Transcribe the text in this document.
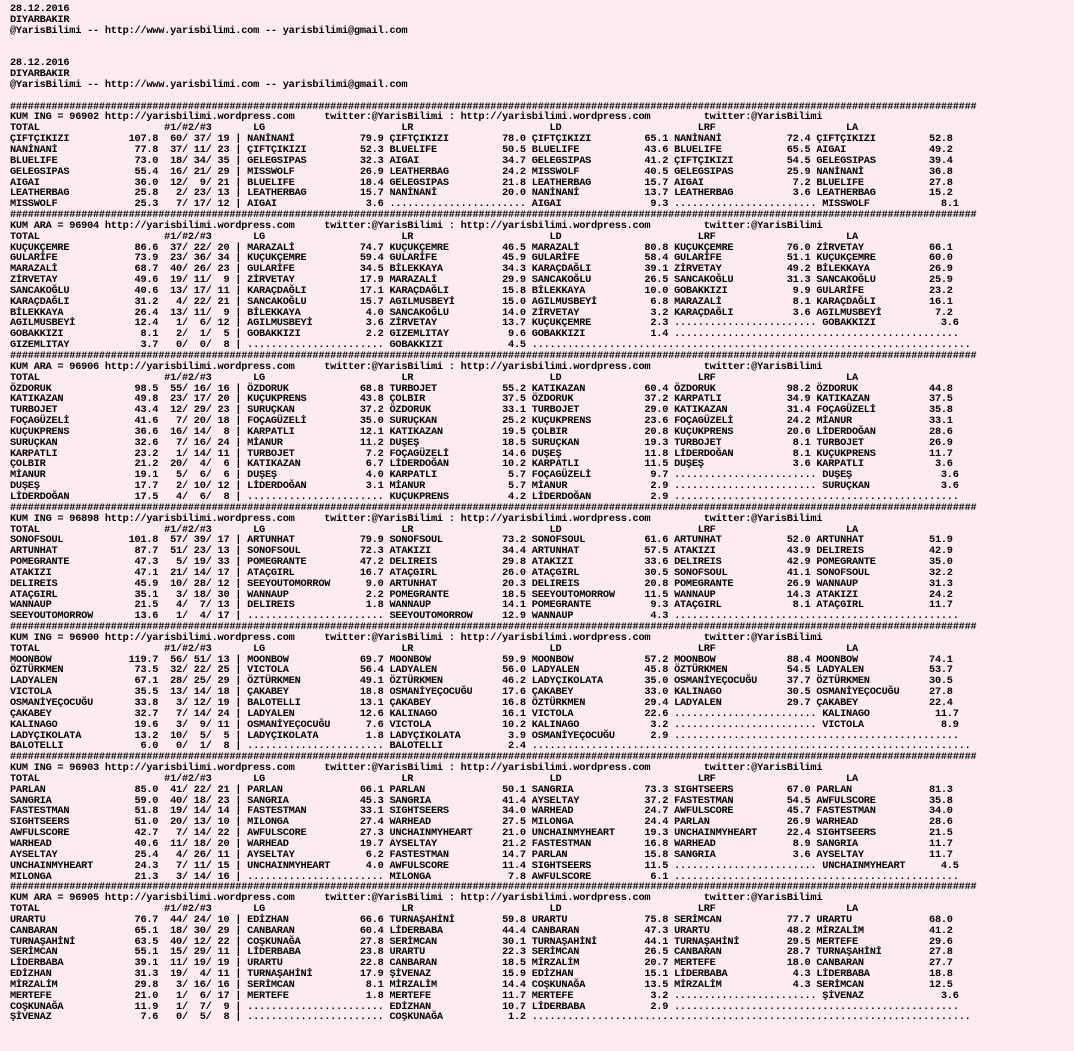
28.12.2016
DIYARBAKIR
@YarisBilimi -- http://www.yarisbilimi.com -- yarisbilimi@gmail.com

28.12.2016
DIYARBAKIR
@YarisBilimi -- http://www.yarisbilimi.com -- yarisbilimi@gmail.com

###################################################################################################################################################################
KUM ING = 96902 http://yarisbilimi.wordpress.com     twitter:@YarisBilimi : http://yarisbilimi.wordpress.com         twitter:@YarisBilimi
TOTAL                     #1/#2/#3       LG                       LR                       LD                       LRF                      LA
ÇIFTÇIKIZI          107.8  60/ 37/ 19 | NANİNANİ           79.9 ÇIFTÇIKIZI         78.0 ÇIFTÇIKIZI         65.1 NANİNANİ           72.4 ÇIFTÇIKIZI         52.8
NANİNANİ             77.8  37/ 11/ 23 | ÇIFTÇIKIZI         52.3 BLUELIFE           50.5 BLUELIFE           43.6 BLUELIFE           65.5 AIGAI              49.2
BLUELIFE             73.0  18/ 34/ 35 | GELEGSIPAS         32.3 AIGAI              34.7 GELEGSIPAS         41.2 ÇIFTÇIKIZI         54.5 GELEGSIPAS         39.4
GELEGSIPAS           55.4  16/ 21/ 29 | MISSWOLF           26.9 LEATHERBAG         24.2 MISSWOLF           40.5 GELEGSIPAS         25.9 NANİNANİ           36.8
AIGAI                36.0  12/  9/ 21 | BLUELIFE           18.4 GELEGSIPAS         21.8 LEATHERBAG         15.7 AIGAI               7.2 BLUELIFE           27.8
LEATHERBAG           25.8   2/ 23/ 13 | LEATHERBAG         15.7 NANİNANİ           20.0 NANİNANİ           13.7 LEATHERBAG          3.6 LEATHERBAG         15.2
MISSWOLF             25.3   7/ 17/ 12 | AIGAI               3.6 ....................... AIGAI               9.3 ........................ MISSWOLF            8.1
###################################################################################################################################################################
KUM ARA = 96904 http://yarisbilimi.wordpress.com     twitter:@YarisBilimi : http://yarisbilimi.wordpress.com         twitter:@YarisBilimi
TOTAL                     #1/#2/#3       LG                       LR                       LD                       LRF                      LA
KUÇUKÇEMRE           86.6  37/ 22/ 20 | MARAZALİ           74.7 KUÇUKÇEMRE         46.5 MARAZALİ           80.8 KUÇUKÇEMRE         76.0 ZİRVETAY           66.1
GULARİFE             73.9  23/ 36/ 34 | KUÇUKÇEMRE         59.4 GULARİFE           45.9 GULARİFE           58.4 GULARİFE           51.1 KUÇUKÇEMRE         60.0
MARAZALİ             68.7  40/ 26/ 23 | GULARİFE           34.5 BİLEKKAYA          34.3 KARAÇDAĞLI         39.1 ZİRVETAY           49.2 BİLEKKAYA          26.9
ZİRVETAY             49.6  19/ 11/  9 | ZİRVETAY           17.9 MARAZALİ           29.9 SANCAKOĞLU         26.5 SANCAKOĞLU         31.3 SANCAKOĞLU         25.9
SANCAKOĞLU           40.6  13/ 17/ 11 | KARAÇDAĞLI         17.1 KARAÇDAĞLI         15.8 BİLEKKAYA          10.0 GOBAKKIZI           9.9 GULARİFE           23.2
KARAÇDAĞLI           31.2   4/ 22/ 21 | SANCAKOĞLU         15.7 AGILMUSBEYİ        15.0 AGILMUSBEYİ         6.8 MARAZALİ            8.1 KARAÇDAĞLI         16.1
BİLEKKAYA            26.4  13/ 11/  9 | BİLEKKAYA           4.0 SANCAKOĞLU         14.0 ZİRVETAY            3.2 KARAÇDAĞLI          3.6 AGILMUSBEYİ         7.2
AGILMUSBEYİ          12.4   1/  6/ 12 | AGILMUSBEYİ         3.6 ZİRVETAY           13.7 KUÇUKÇEMRE          2.3 ........................ GOBAKKIZI           3.6
GOBAKKIZI             8.1   2/  1/  5 | GOBAKKIZI           2.2 GIZEMLITAY          9.6 GOBAKKIZI           1.4 ................................................
GIZEMLITAY            3.7   0/  0/  8 | ....................... GOBAKKIZI           4.5 ..........................................................................
###################################################################################################################################################################
KUM ARA = 96906 http://yarisbilimi.wordpress.com     twitter:@YarisBilimi : http://yarisbilimi.wordpress.com         twitter:@YarisBilimi
TOTAL                     #1/#2/#3       LG                       LR                       LD                       LRF                      LA
ÖZDORUK              98.5  55/ 16/ 16 | ÖZDORUK            68.8 TURBOJET           55.2 KATIKAZAN          60.4 ÖZDORUK            98.2 ÖZDORUK            44.8
KATIKAZAN            49.8  23/ 17/ 20 | KUÇUKPRENS         43.8 ÇOLBIR             37.5 ÖZDORUK            37.2 KARPATLI           34.9 KATIKAZAN          37.5
TURBOJET             43.4  12/ 29/ 23 | SURUÇKAN           37.2 ÖZDORUK            33.1 TURBOJET           29.0 KATIKAZAN          31.4 FOÇAGÜZELİ         35.8
FOÇAGÜZELİ           41.6   7/ 20/ 18 | FOÇAGÜZELİ         35.0 SURUÇKAN           25.2 KUÇUKPRENS         23.6 FOÇAGÜZELİ         24.2 MİANUR             33.1
KUÇUKPRENS           36.6  16/ 14/  8 | KARPATLI           12.1 KATIKAZAN          19.5 ÇOLBIR             20.8 KUÇUKPRENS         20.6 LİDERDOĞAN         28.6
SURUÇKAN             32.6   7/ 16/ 24 | MİANUR             11.2 DUŞEŞ              18.5 SURUÇKAN           19.3 TURBOJET            8.1 TURBOJET           26.9
KARPATLI             23.2   1/ 14/ 11 | TURBOJET            7.2 FOÇAGÜZELİ         14.6 DUŞEŞ              11.8 LİDERDOĞAN          8.1 KUÇUKPRENS         11.7
ÇOLBIR               21.2  20/  4/  6 | KATIKAZAN           6.7 LİDERDOĞAN         10.2 KARPATLI           11.5 DUŞEŞ               3.6 KARPATLI            3.6
MİANUR               19.1   5/  6/  6 | DUŞEŞ               4.0 KARPATLI            5.7 FOÇAGÜZELİ          9.7 ........................ DUŞEŞ               3.6
DUŞEŞ                17.7   2/ 10/ 12 | LİDERDOĞAN          3.1 MİANUR              5.7 MİANUR              2.9 ........................ SURUÇKAN            3.6
LİDERDOĞAN           17.5   4/  6/  8 | ....................... KUÇUKPRENS          4.2 LİDERDOĞAN          2.9 ................................................
###################################################################################################################################################################
KUM ING = 96898 http://yarisbilimi.wordpress.com     twitter:@YarisBilimi : http://yarisbilimi.wordpress.com         twitter:@YarisBilimi
TOTAL                     #1/#2/#3       LG                       LR                       LD                       LRF                      LA
SONOFSOUL           101.8  57/ 39/ 17 | ARTUNHAT           79.9 SONOFSOUL          73.2 SONOFSOUL          61.6 ARTUNHAT           52.0 ARTUNHAT           51.9
ARTUNHAT             87.7  51/ 23/ 13 | SONOFSOUL          72.3 ATAKIZI            34.4 ARTUNHAT           57.5 ATAKIZI            43.9 DELIREIS           42.9
POMEGRANTE           47.3   5/ 19/ 33 | POMEGRANTE         47.2 DELIREIS           29.8 ATAKIZI            33.6 DELIREIS           42.9 POMEGRANTE         35.0
ATAKIZI              47.1  21/ 14/ 17 | ATAÇGIRL           16.7 ATAÇGIRL           26.0 ATAÇGIRL           30.5 SONOFSOUL          41.1 SONOFSOUL          32.2
DELIREIS             45.9  10/ 28/ 12 | SEEYOUTOMORROW      9.0 ARTUNHAT           20.3 DELIREIS           20.8 POMEGRANTE         26.9 WANNAUP            31.3
ATAÇGIRL             35.1   3/ 18/ 30 | WANNAUP             2.2 POMEGRANTE         18.5 SEEYOUTOMORROW     11.5 WANNAUP            14.3 ATAKIZI            24.2
WANNAUP              21.5   4/  7/ 13 | DELIREIS            1.8 WANNAUP            14.1 POMEGRANTE          9.3 ATAÇGIRL            8.1 ATAÇGIRL           11.7
SEEYOUTOMORROW       13.6   1/  4/ 17 | ....................... SEEYOUTOMORROW     12.9 WANNAUP             4.3 ................................................
###################################################################################################################################################################
KUM ING = 96900 http://yarisbilimi.wordpress.com     twitter:@YarisBilimi : http://yarisbilimi.wordpress.com         twitter:@YarisBilimi
TOTAL                     #1/#2/#3       LG                       LR                       LD                       LRF                      LA
MOONBOW             119.7  56/ 51/ 13 | MOONBOW            69.7 MOONBOW            59.9 MOONBOW            57.2 MOONBOW            88.4 MOONBOW            74.1
ÖZTÜRKMEN            73.5  32/ 22/ 25 | VICTOLA            56.4 LADYALEN           56.0 LADYALEN           45.8 ÖZTÜRKMEN          54.5 LADYALEN           53.7
LADYALEN             67.1  28/ 25/ 29 | ÖZTÜRKMEN          49.1 ÖZTÜRKMEN          46.2 LADYÇIKOLATA       35.0 OSMANİYEÇOCUĞU     37.7 ÖZTÜRKMEN          30.5
VICTOLA              35.5  13/ 14/ 18 | ÇAKABEY            18.8 OSMANİYEÇOCUĞU     17.6 ÇAKABEY            33.0 KALINAGO           30.5 OSMANİYEÇOCUĞU     27.8
OSMANİYEÇOCUĞU       33.8   3/ 12/ 19 | BALOTELLI          13.1 ÇAKABEY            16.8 ÖZTÜRKMEN          29.4 LADYALEN           29.7 ÇAKABEY            22.4
ÇAKABEY              32.7   7/ 14/ 24 | LADYALEN           12.6 KALINAGO           16.1 VICTOLA            22.6 ........................ KALINAGO           11.7
KALINAGO             19.6   3/  9/ 11 | OSMANİYEÇOCUĞU      7.6 VICTOLA            10.2 KALINAGO            3.2 ........................ VICTOLA             8.9
LADYÇIKOLATA         13.2  10/  5/  5 | LADYÇIKOLATA        1.8 LADYÇIKOLATA        3.9 OSMANİYEÇOCUĞU      2.9 ................................................
BALOTELLI             6.0   0/  1/  8 | ....................... BALOTELLI           2.4 ..........................................................................
###################################################################################################################################################################
KUM ING = 96903 http://yarisbilimi.wordpress.com     twitter:@YarisBilimi : http://yarisbilimi.wordpress.com         twitter:@YarisBilimi
TOTAL                     #1/#2/#3       LG                       LR                       LD                       LRF                      LA
PARLAN               85.0  41/ 22/ 21 | PARLAN             66.1 PARLAN             50.1 SANGRIA            73.3 SIGHTSEERS         67.0 PARLAN             81.3
SANGRIA              59.0  40/ 18/ 23 | SANGRIA            45.3 SANGRIA            41.4 AYSELTAY           37.2 FASTESTMAN         54.5 AWFULSCORE         35.8
FASTESTMAN           51.8  19/ 14/ 14 | FASTESTMAN         33.1 SIGHTSEERS         34.0 WARHEAD            24.7 AWFULSCORE         45.7 FASTESTMAN         34.0
SIGHTSEERS           51.0  20/ 13/ 10 | MILONGA            27.4 WARHEAD            27.5 MILONGA            24.4 PARLAN             26.9 WARHEAD            28.6
AWFULSCORE           42.7   7/ 14/ 22 | AWFULSCORE         27.3 UNCHAINMYHEART     21.0 UNCHAINMYHEART     19.3 UNCHAINMYHEART     22.4 SIGHTSEERS         21.5
WARHEAD              40.6  11/ 18/ 20 | WARHEAD            19.7 AYSELTAY           21.2 FASTESTMAN         16.8 WARHEAD             8.9 SANGRIA            11.7
AYSELTAY             25.4   4/ 26/ 11 | AYSELTAY            6.2 FASTESTMAN         14.7 PARLAN             15.8 SANGRIA             3.6 AYSELTAY           11.7
UNCHAINMYHEART       24.3   7/ 11/ 15 | UNCHAINMYHEART      4.0 AWFULSCORE         11.4 SIGHTSEERS         11.5 ........................ UNCHAINMYHEART      4.5
MILONGA              21.3   3/ 14/ 16 | ....................... MILONGA             7.8 AWFULSCORE          6.1 ................................................
###################################################################################################################################################################
KUM ARA = 96905 http://yarisbilimi.wordpress.com     twitter:@YarisBilimi : http://yarisbilimi.wordpress.com         twitter:@YarisBilimi
TOTAL                     #1/#2/#3       LG                       LR                       LD                       LRF                      LA
URARTU               76.7  44/ 24/ 10 | EDİZHAN            66.6 TURNAŞAHİNİ        59.8 URARTU             75.8 SERİMCAN           77.7 URARTU             68.0
CANBARAN             65.1  18/ 30/ 29 | CANBARAN           60.4 LİDERBABA          44.4 CANBARAN           47.3 URARTU             48.2 MİRZALİM           41.2
TURNAŞAHİNİ          63.5  40/ 12/ 22 | COŞKUNAĞA          27.8 SERİMCAN           30.1 TURNAŞAHİNİ        44.1 TURNAŞAHİNİ        29.5 MERTEFE            29.6
SERİMCAN             55.1  15/ 29/ 11 | LİDERBABA          23.8 URARTU             22.3 SERİMCAN           26.5 CANBARAN           28.7 TURNAŞAHİNİ        27.8
LİDERBABA            39.1  11/ 19/ 19 | URARTU             22.8 CANBARAN           18.5 MİRZALİM           20.7 MERTEFE            18.0 CANBARAN           27.7
EDİZHAN              31.3  19/  4/ 11 | TURNAŞAHİNİ        17.9 ŞİVENAZ            15.9 EDİZHAN            15.1 LİDERBABA           4.3 LİDERBABA          18.8
MİRZALİM             29.8   3/ 16/ 16 | SERİMCAN            8.1 MİRZALİM           14.4 COŞKUNAĞA          13.5 MİRZALİM            4.3 SERİMCAN           12.5
MERTEFE              21.0   1/  6/ 17 | MERTEFE             1.8 MERTEFE            11.7 MERTEFE             3.2 ........................ ŞİVENAZ             3.6
COŞKUNAĞA            11.9   1/  7/  9 | ....................... EDİZHAN            10.7 LİDERBABA           2.9 ................................................
ŞİVENAZ               7.6   0/  5/  8 | ....................... COŞKUNAĞA           1.2 ..........................................................................
